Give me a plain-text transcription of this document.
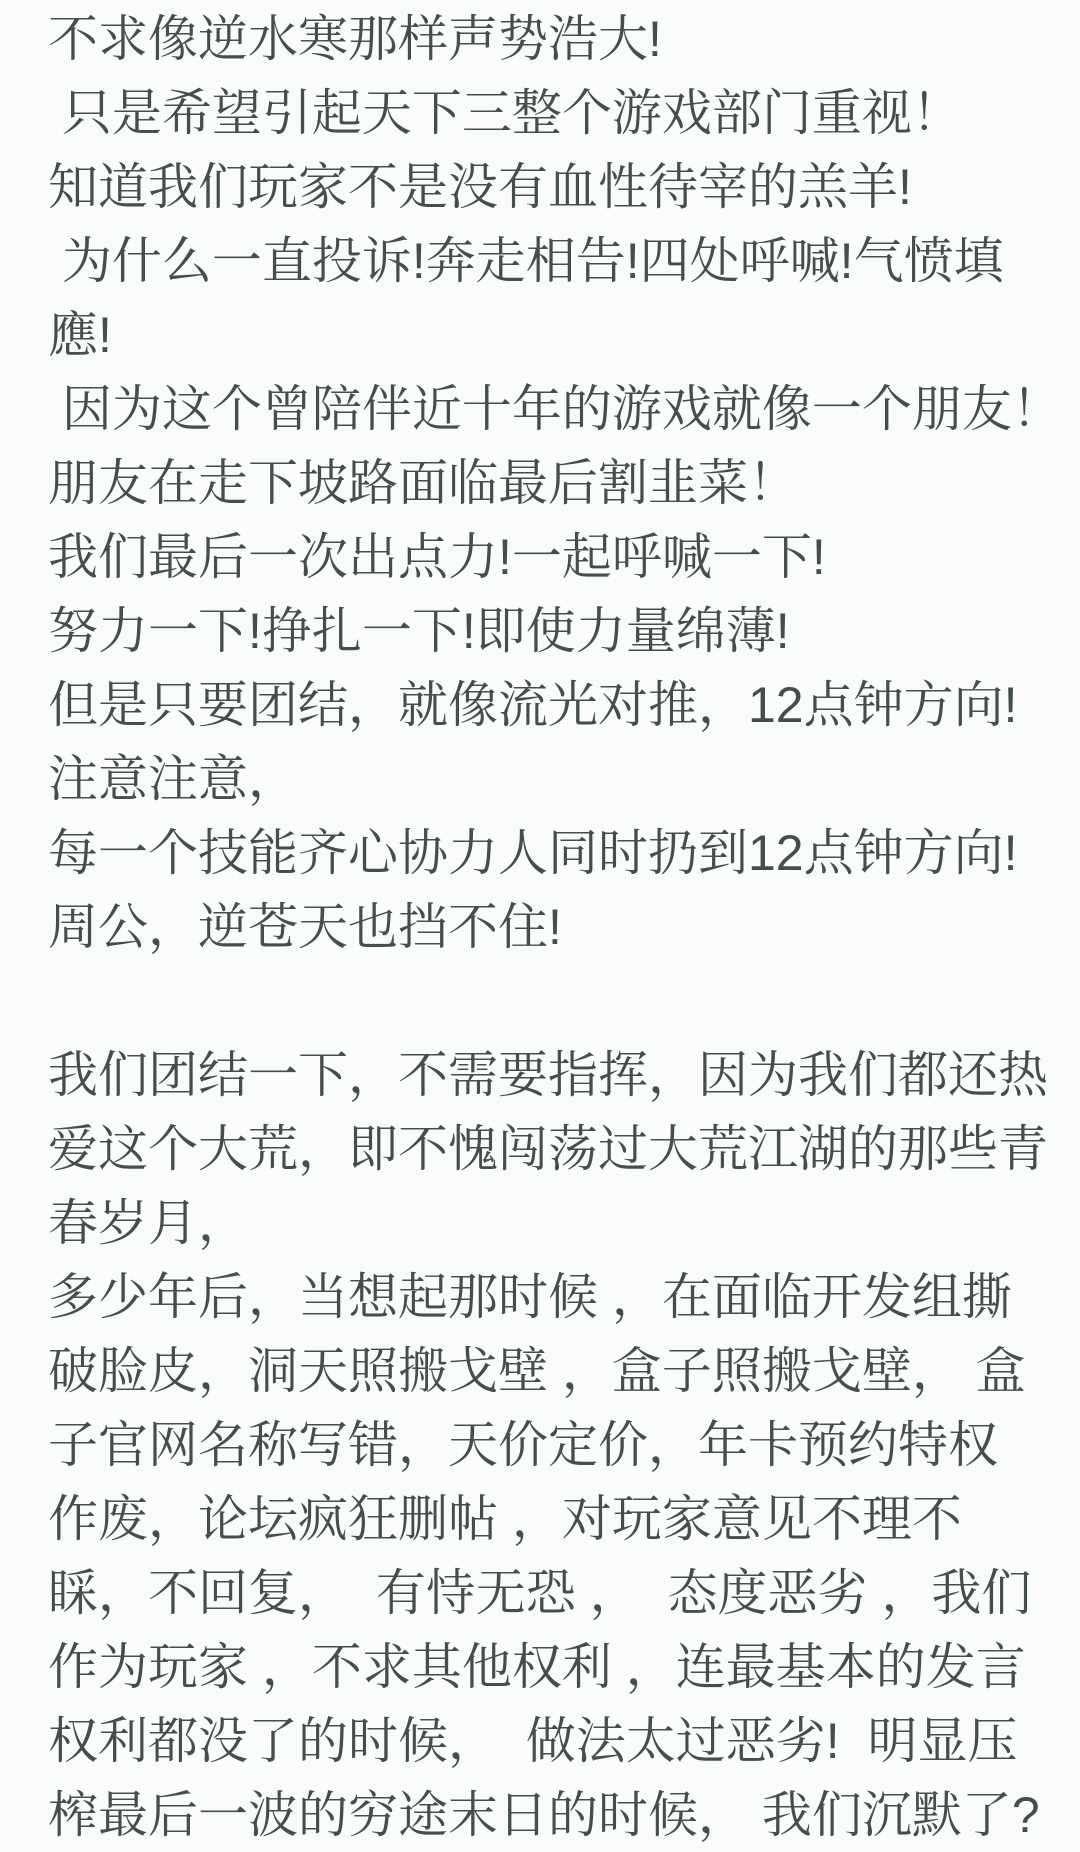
不求像逆水寒那样声势浩大!
只是希望引起天下三整个游戏部门重视！
知道我们玩家不是没有血性待宰的羔羊!
为什么一直投诉!奔走相告!四处呼喊!气愤填
應!
因为这个曾陪伴近十年的游戏就像一个朋友！
朋友在走下坡路面临最后割韭菜！
我们最后一次出点力!一起呼喊一下!
努力一下!挣扎一下!即使力量绵薄!
但是只要团结，就像流光对推，12点钟方向!
注意注意，
每一个技能齐心协力人同时扔到12点钟方向!
周公，逆苍天也挡不住!
我们团结一下，不需要指挥，因为我们都还热
爱这个大荒，即不愧闯荡过大荒江湖的那些青
春岁月，
多少年后，当想起那时候 ，在面临开发组撕
破脸皮，洞天照搬戈壁 ，盒子照搬戈壁， 盒
子官网名称写错，天价定价，年卡预约特权
作废，论坛疯狂删帖 ，对玩家意见不理不
睬，不回复，  有恃无恐 ，  态度恶劣 ，我们
作为玩家 ，不求其他权利 ，连最基本的发言
权利都没了的时候，  做法太过恶劣!  明显压
榨最后一波的穷途末日的时候， 我们沉默了?
